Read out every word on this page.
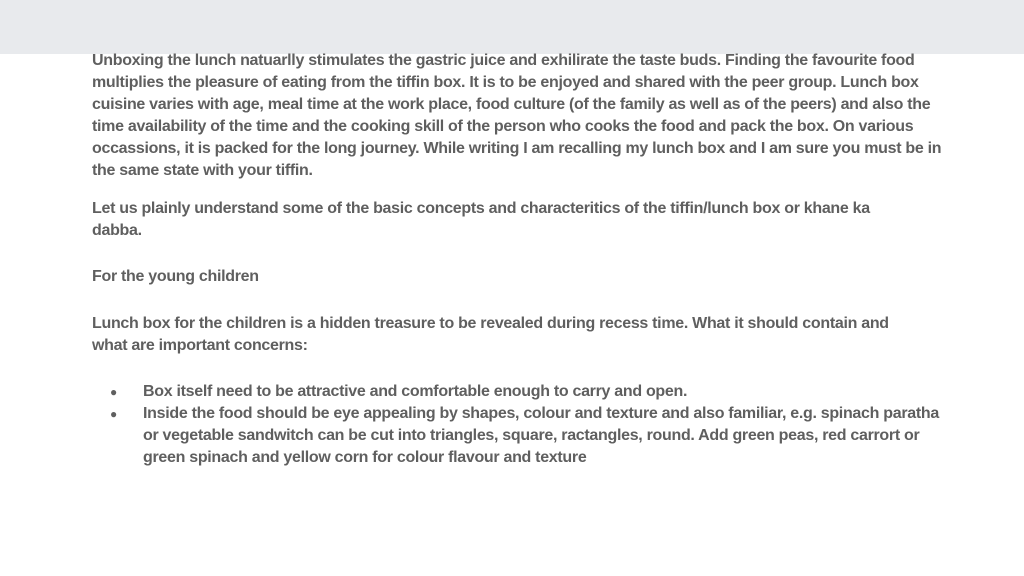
Unboxing the lunch natuarlly stimulates the gastric juice and exhilirate the taste buds. Finding the favourite food multiplies the pleasure of eating from the tiffin box. It is to be enjoyed and shared with the peer group. Lunch box cuisine varies with age, meal time at the work place, food culture (of the family as well as of the peers) and also the time availability of the time and the cooking skill of the person who cooks the food and pack the box. On various occassions, it is packed for the long journey. While writing I am recalling my lunch box and I am sure you must be in the same state with your tiffin.

Let us plainly understand some of the basic concepts and characteritics of the tiffin/lunch box or khane ka dabba.

For the young children

Lunch box for the children is a hidden treasure to be revealed during recess time. What it should contain and what are important concerns:

● Box itself need to be attractive and comfortable enough to carry and open.
● Inside the food should be eye appealing by shapes, colour and texture and also familiar, e.g. spinach paratha or vegetable sandwitch can be cut into triangles, square, ractangles, round. Add green peas, red carrort or green spinach and yellow corn for colour flavour and texture
